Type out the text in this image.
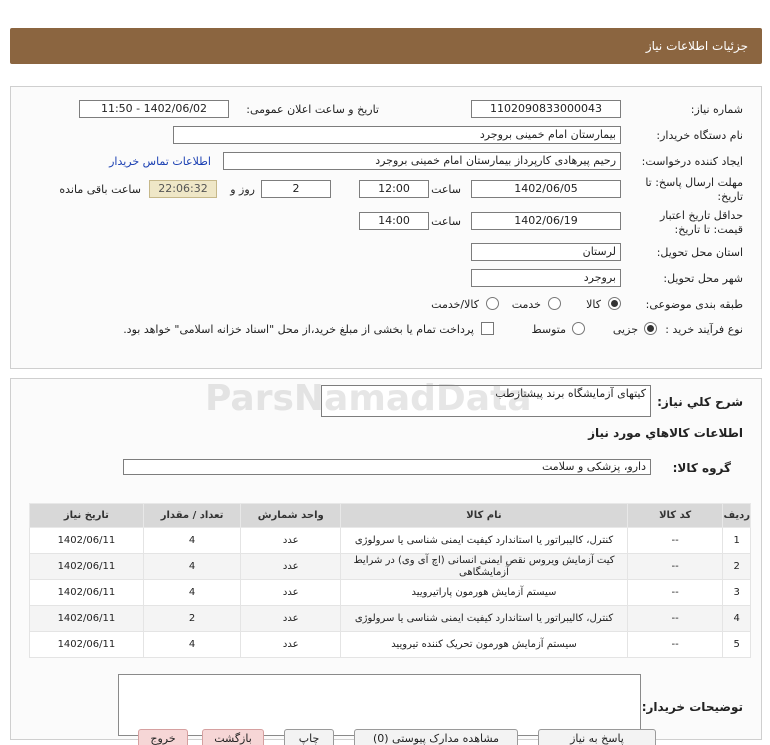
جزئیات اطلاعات نیاز
شماره نیاز:
1102090833000043
تاریخ و ساعت اعلان عمومی:
1402/06/02 - 11:50
نام دستگاه خریدار:
بیمارستان امام خمینی بروجرد
ایجاد کننده درخواست:
رحیم پیرهادی کارپرداز بیمارستان امام خمینی بروجرد
اطلاعات تماس خریدار
مهلت ارسال پاسخ: تا
تاریخ:
1402/06/05
ساعت
12:00
2
روز و
22:06:32
ساعت باقی مانده
حداقل تاریخ اعتبار
قیمت: تا تاریخ:
1402/06/19
ساعت
14:00
استان محل تحویل:
لرستان
شهر محل تحویل:
بروجرد
طبقه بندی موضوعی:
کالا
خدمت
کالا/خدمت
نوع فرآیند خرید :
جزیی
متوسط
پرداخت تمام یا بخشی از مبلغ خرید،از محل "اسناد خزانه اسلامی" خواهد بود.
شرح کلي نياز:
کیتهای آزمایشگاه برند پیشتازطب
اطلاعات کالاهاي مورد نياز
گروه کالا:
دارو، پزشکی و سلامت
ردیف	کد کالا	نام کالا	واحد شمارش	تعداد / مقدار	تاریخ نیاز
1	--	کنترل، کالیبراتور یا استاندارد کیفیت ایمنی شناسی یا سرولوژی	عدد	4	1402/06/11
2	--	کیت آزمایش ویروس نقص ایمنی انسانی (اچ آی وی) در شرایط آزمایشگاهی	عدد	4	1402/06/11
3	--	سیستم آزمایش هورمون پاراتیرویید	عدد	4	1402/06/11
4	--	کنترل، کالیبراتور یا استاندارد کیفیت ایمنی شناسی یا سرولوژی	عدد	2	1402/06/11
5	--	سیستم آزمایش هورمون تحریک کننده تیرویید	عدد	4	1402/06/11
توضیحات خریدار:
ParsNamadData
پاسخ به نیاز
مشاهده مدارک پیوستی (0)
چاپ
بازگشت
خروج
